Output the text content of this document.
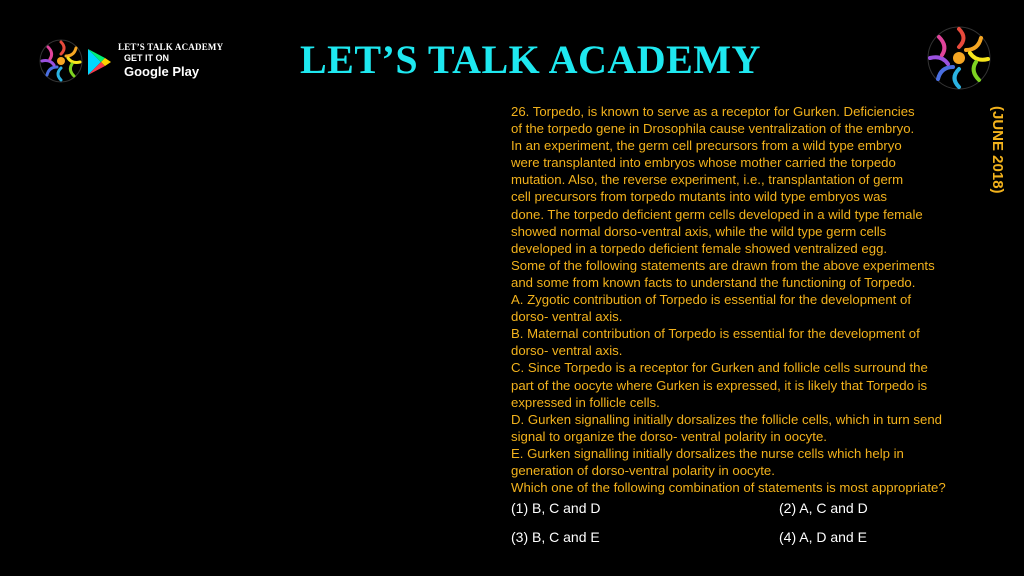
LET’S TALK ACADEMY
GET IT ON
Google Play	LET’S TALK ACADEMY
26. Torpedo, is known to serve as a receptor for Gurken. Deficiencies
of the torpedo gene in Drosophila cause ventralization of the embryo.
In an experiment, the germ cell precursors from a wild type embryo
were transplanted into embryos whose mother carried the torpedo
mutation. Also, the reverse experiment, i.e., transplantation of germ
cell precursors from torpedo mutants into wild type embryos was
done. The torpedo deficient germ cells developed in a wild type female
showed normal dorso-ventral axis, while the wild type germ cells
developed in a torpedo deficient female showed ventralized egg.
Some of the following statements are drawn from the above experiments
and some from known facts to understand the functioning of Torpedo.
A. Zygotic contribution of Torpedo is essential for the development of
dorso- ventral axis.
B. Maternal contribution of Torpedo is essential for the development of
dorso- ventral axis.
C. Since Torpedo is a receptor for Gurken and follicle cells surround the
part of the oocyte where Gurken is expressed, it is likely that Torpedo is
expressed in follicle cells.
D. Gurken signalling initially dorsalizes the follicle cells, which in turn send
signal to organize the dorso- ventral polarity in oocyte.
E. Gurken signalling initially dorsalizes the nurse cells which help in
generation of dorso-ventral polarity in oocyte.
Which one of the following combination of statements is most appropriate?
(JUNE 2018)
(1) B, C and D	(2) A, C and D
(3) B, C and E	(4) A, D and E
